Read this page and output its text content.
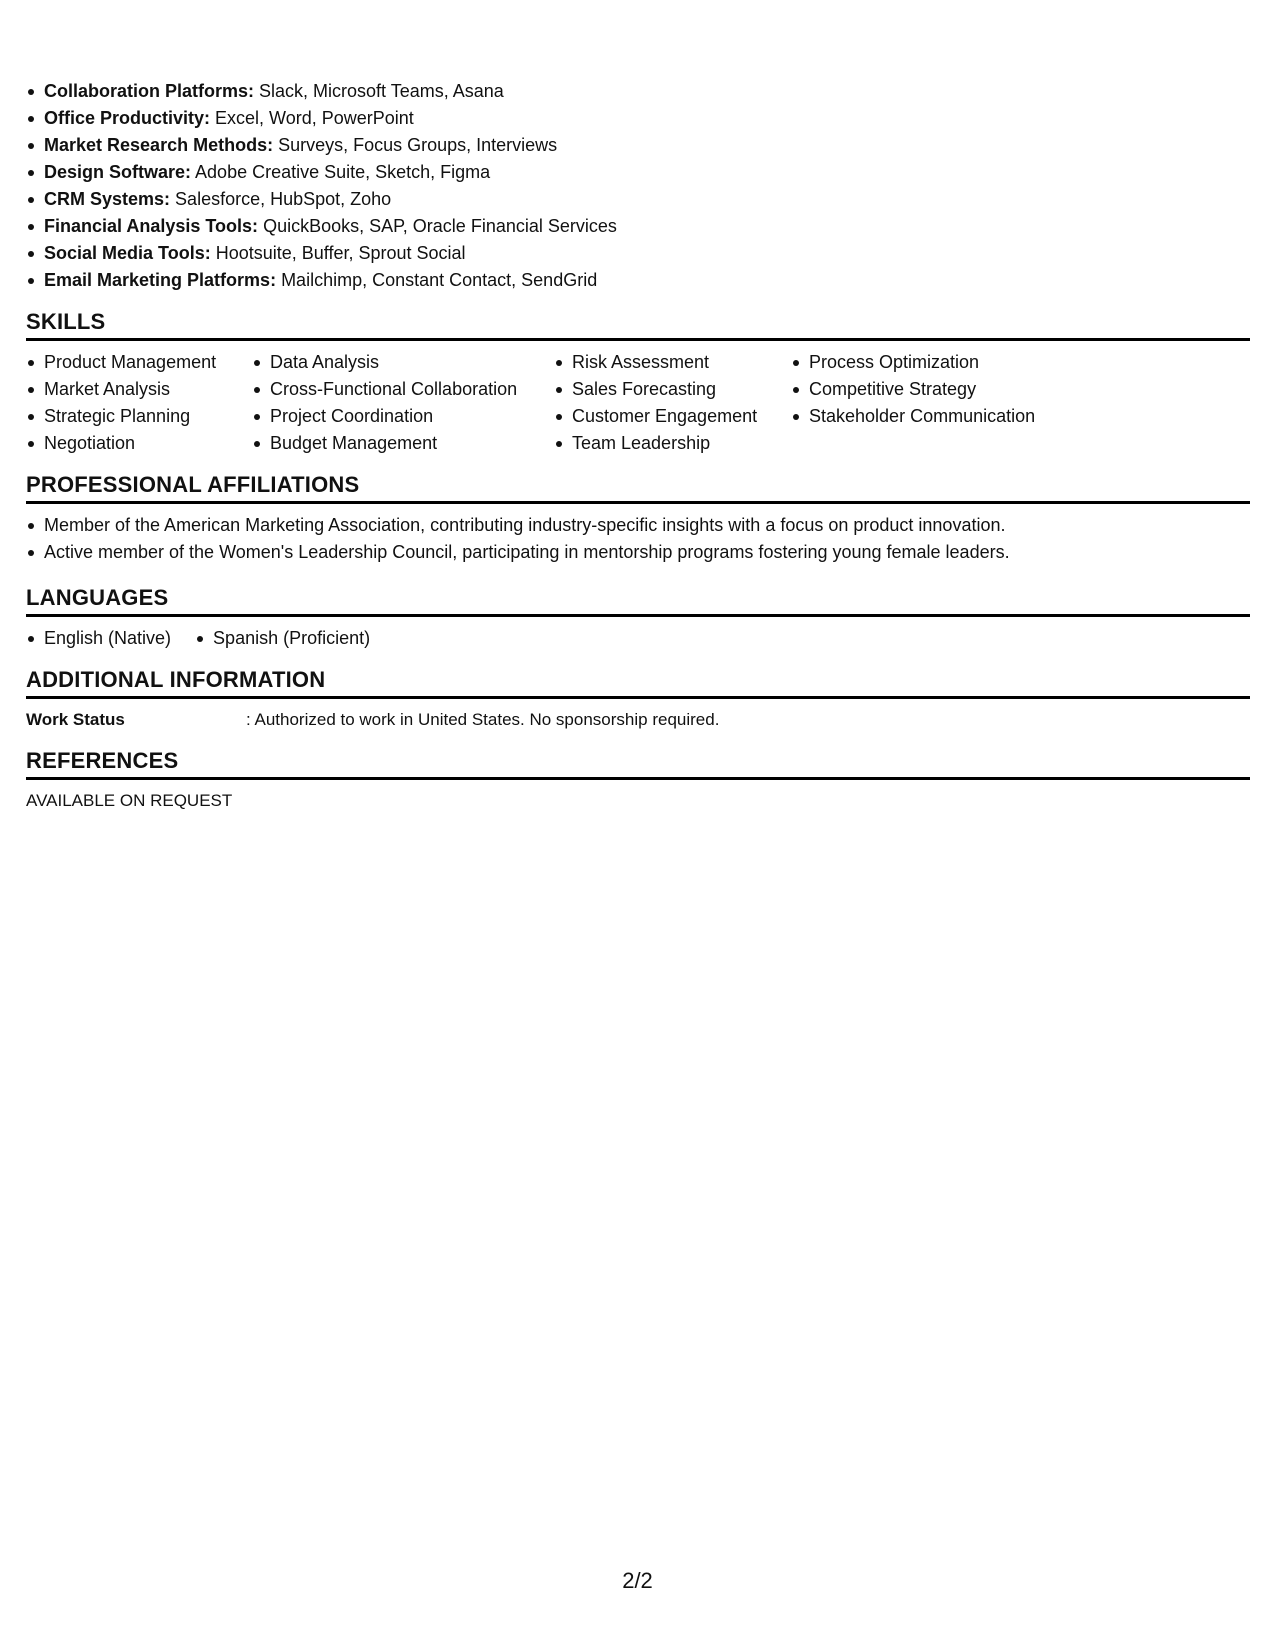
Collaboration Platforms: Slack, Microsoft Teams, Asana
Office Productivity: Excel, Word, PowerPoint
Market Research Methods: Surveys, Focus Groups, Interviews
Design Software: Adobe Creative Suite, Sketch, Figma
CRM Systems: Salesforce, HubSpot, Zoho
Financial Analysis Tools: QuickBooks, SAP, Oracle Financial Services
Social Media Tools: Hootsuite, Buffer, Sprout Social
Email Marketing Platforms: Mailchimp, Constant Contact, SendGrid
SKILLS
Product Management
Market Analysis
Strategic Planning
Negotiation
Data Analysis
Cross-Functional Collaboration
Project Coordination
Budget Management
Risk Assessment
Sales Forecasting
Customer Engagement
Team Leadership
Process Optimization
Competitive Strategy
Stakeholder Communication
PROFESSIONAL AFFILIATIONS
Member of the American Marketing Association, contributing industry-specific insights with a focus on product innovation.
Active member of the Women's Leadership Council, participating in mentorship programs fostering young female leaders.
LANGUAGES
English (Native)	Spanish (Proficient)
ADDITIONAL INFORMATION
Work Status	: Authorized to work in United States. No sponsorship required.
REFERENCES
AVAILABLE ON REQUEST
2/2
